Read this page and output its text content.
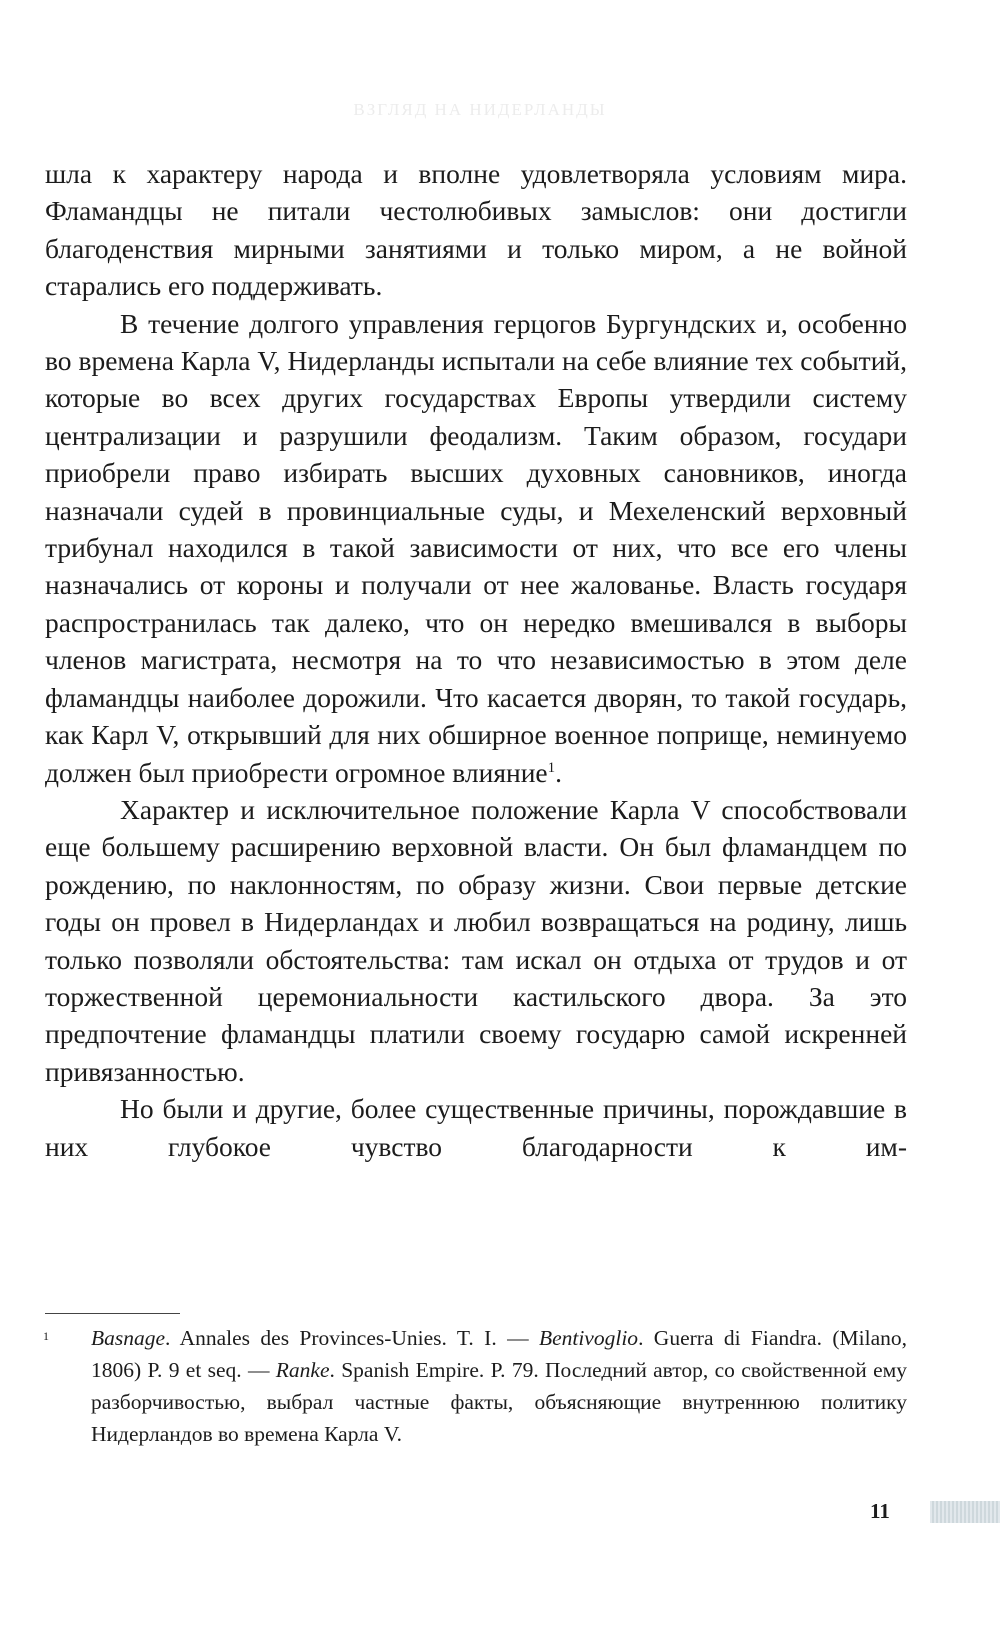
ВЗГЛЯД НА НИДЕРЛАНДЫ

шла к характеру народа и вполне удовлетворяла условиям мира. Фламандцы не питали честолюбивых замыслов: они достигли благоденствия мирными занятиями и только миром, а не войной старались его поддерживать.

В течение долгого управления герцогов Бургундских и, особенно во времена Карла V, Нидерланды испытали на себе влияние тех событий, которые во всех других государствах Европы утвердили систему централизации и разрушили феодализм. Таким образом, государи приобрели право избирать высших духовных сановников, иногда назначали судей в провинциальные суды, и Мехеленский верховный трибунал находился в такой зависимости от них, что все его члены назначались от короны и получали от нее жалованье. Власть государя распространилась так далеко, что он нередко вмешивался в выборы членов магистрата, несмотря на то что независимостью в этом деле фламандцы наиболее дорожили. Что касается дворян, то такой государь, как Карл V, открывший для них обширное военное поприще, неминуемо должен был приобрести огромное влияние$^1$.

Характер и исключительное положение Карла V способствовали еще большему расширению верховной власти. Он был фламандцем по рождению, по наклонностям, по образу жизни. Свои первые детские годы он провел в Нидерландах и любил возвращаться на родину, лишь только позволяли обстоятельства: там искал он отдыха от трудов и от торжественной церемониальности кастильского двора. За это предпочтение фламандцы платили своему государю самой искренней привязанностью.

Но были и другие, более существенные причины, порождавшие в них глубокое чувство благодарности к им-

1 Basnage. Annales des Provinces-Unies. T. I. — Bentivoglio. Guerra di Fiandra. (Milano, 1806) P. 9 et seq. — Ranke. Spanish Empire. P. 79. Последний автор, со свойственной ему разборчивостью, выбрал частные факты, объясняющие внутреннюю политику Нидерландов во времена Карла V.
11
